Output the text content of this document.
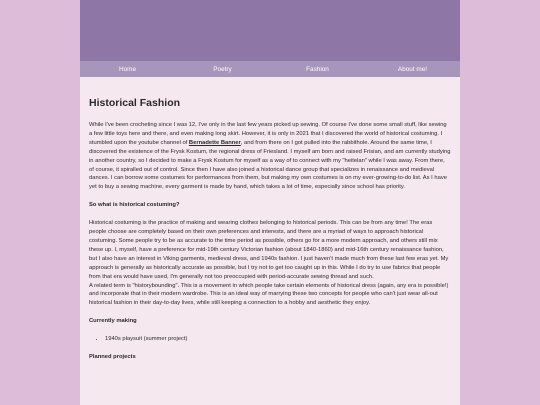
Home	Poetry	Fashion	About me!
Historical Fashion

While I've been crocheting since I was 12, I've only in the last few years picked up sewing. Of course I've done some small stuff, like sewing a few little toys here and there, and even making long skirt. However, it is only in 2021 that I discovered the world of historical costuming. I stumbled upon the youtube channel of Bernadette Banner, and from there on I got pulled into the rabbithole. Around the same time, I discovered the existence of the Frysk Kostum, the regional dress of Friesland. I myself am born and raised Frisian, and am currently studying in another country, so I decided to make a Frysk Kostum for myself as a way of to connect with my "heitelan" while I was away. From there, of course, it spiralled out of control. Since then I have also joined a historical dance group that specializes in renaissance and medieval dances. I can borrow some costumes for performances from them, but making my own costumes is on my ever-growing-to-do list. As I have yet to buy a sewing machine, every garment is made by hand, which takes a lot of time, especially since school has priority.

So what is historical costuming?

Historical costuming is the practice of making and wearing clothes belonging to historical periods. This can be from any time! The eras people choose are completely based on their own preferences and interests, and there are a myriad of ways to approach historical costuming. Some people try to be as accurate to the time period as possible, others go for a more modern approach, and others still mix these up. I, myself, have a preference for mid-19th century Victorian fashion (about 1840-1860) and mid-16th century renaissance fashion, but I also have an interest in Viking garments, medieval dress, and 1940s fashion. I just haven't made much from these last few eras yet. My approach is generally as historically accurate as possible, but I try not to get too caught up in this. While I do try to use fabrics that people from that era would have used, I'm generally not too preoccupied with period-accurate sewing thread and such.

A related term is "historybounding". This is a movement in which people take certain elements of historical dress (again, any era is possible!) and incorporate that in their modern wardrobe. This is an ideal way of marrying these two concepts for people who can't just wear all-out historical fashion in their day-to-day lives, while still keeping a connection to a hobby and aesthetic they enjoy.

Currently making
• 1940s playsuit (summer project)
Planned projects
